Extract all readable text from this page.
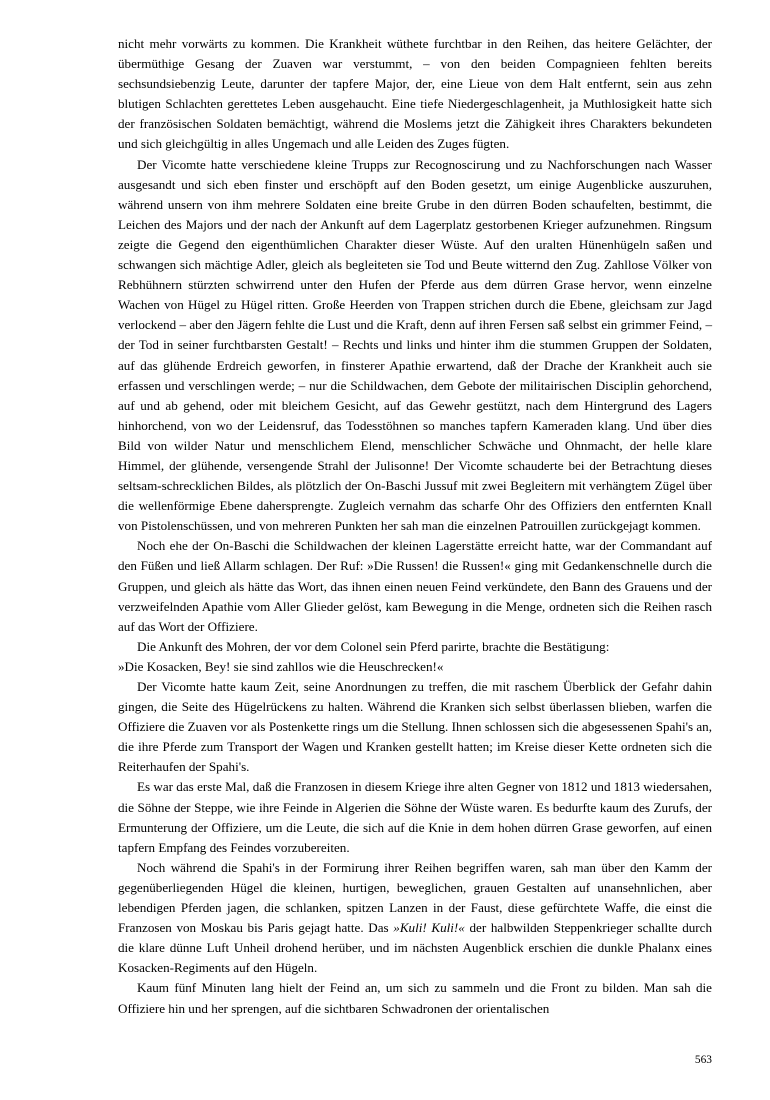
nicht mehr vorwärts zu kommen. Die Krankheit wüthete furchtbar in den Reihen, das heitere Gelächter, der übermüthige Gesang der Zuaven war verstummt, – von den beiden Compagnieen fehlten bereits sechsundsiebenzig Leute, darunter der tapfere Major, der, eine Lieue von dem Halt entfernt, sein aus zehn blutigen Schlachten gerettetes Leben ausgehaucht. Eine tiefe Niedergeschlagenheit, ja Muthlosigkeit hatte sich der französischen Soldaten bemächtigt, während die Moslems jetzt die Zähigkeit ihres Charakters bekundeten und sich gleichgültig in alles Ungemach und alle Leiden des Zuges fügten.

Der Vicomte hatte verschiedene kleine Trupps zur Recognoscirung und zu Nachforschungen nach Wasser ausgesandt und sich eben finster und erschöpft auf den Boden gesetzt, um einige Augenblicke auszuruhen, während unsern von ihm mehrere Soldaten eine breite Grube in den dürren Boden schaufelten, bestimmt, die Leichen des Majors und der nach der Ankunft auf dem Lagerplatz gestorbenen Krieger aufzunehmen. Ringsum zeigte die Gegend den eigenthümlichen Charakter dieser Wüste. Auf den uralten Hünenhügeln saßen und schwangen sich mächtige Adler, gleich als begleiteten sie Tod und Beute witternd den Zug. Zahllose Völker von Rebhühnern stürzten schwirrend unter den Hufen der Pferde aus dem dürren Grase hervor, wenn einzelne Wachen von Hügel zu Hügel ritten. Große Heerden von Trappen strichen durch die Ebene, gleichsam zur Jagd verlockend – aber den Jägern fehlte die Lust und die Kraft, denn auf ihren Fersen saß selbst ein grimmer Feind, – der Tod in seiner furchtbarsten Gestalt! – Rechts und links und hinter ihm die stummen Gruppen der Soldaten, auf das glühende Erdreich geworfen, in finsterer Apathie erwartend, daß der Drache der Krankheit auch sie erfassen und verschlingen werde; – nur die Schildwachen, dem Gebote der militairischen Disciplin gehorchend, auf und ab gehend, oder mit bleichem Gesicht, auf das Gewehr gestützt, nach dem Hintergrund des Lagers hinhorchend, von wo der Leidensruf, das Todesstöhnen so manches tapfern Kameraden klang. Und über dies Bild von wilder Natur und menschlichem Elend, menschlicher Schwäche und Ohnmacht, der helle klare Himmel, der glühende, versengende Strahl der Julisonne! Der Vicomte schauderte bei der Betrachtung dieses seltsam-schrecklichen Bildes, als plötzlich der On-Baschi Jussuf mit zwei Begleitern mit verhängtem Zügel über die wellenförmige Ebene dahersprengte. Zugleich vernahm das scharfe Ohr des Offiziers den entfernten Knall von Pistolenschüssen, und von mehreren Punkten her sah man die einzelnen Patrouillen zurückgejagt kommen.

Noch ehe der On-Baschi die Schildwachen der kleinen Lagerstätte erreicht hatte, war der Commandant auf den Füßen und ließ Allarm schlagen. Der Ruf: »Die Russen! die Russen!« ging mit Gedankenschnelle durch die Gruppen, und gleich als hätte das Wort, das ihnen einen neuen Feind verkündete, den Bann des Grauens und der verzweifelnden Apathie vom Aller Glieder gelöst, kam Bewegung in die Menge, ordneten sich die Reihen rasch auf das Wort der Offiziere.

Die Ankunft des Mohren, der vor dem Colonel sein Pferd parirte, brachte die Bestätigung:

»Die Kosacken, Bey! sie sind zahllos wie die Heuschrecken!«

Der Vicomte hatte kaum Zeit, seine Anordnungen zu treffen, die mit raschem Überblick der Gefahr dahin gingen, die Seite des Hügelrückens zu halten. Während die Kranken sich selbst überlassen blieben, warfen die Offiziere die Zuaven vor als Postenkette rings um die Stellung. Ihnen schlossen sich die abgesessenen Spahi's an, die ihre Pferde zum Transport der Wagen und Kranken gestellt hatten; im Kreise dieser Kette ordneten sich die Reiterhaufen der Spahi's.

Es war das erste Mal, daß die Franzosen in diesem Kriege ihre alten Gegner von 1812 und 1813 wiedersahen, die Söhne der Steppe, wie ihre Feinde in Algerien die Söhne der Wüste waren. Es bedurfte kaum des Zurufs, der Ermunterung der Offiziere, um die Leute, die sich auf die Knie in dem hohen dürren Grase geworfen, auf einen tapfern Empfang des Feindes vorzubereiten.

Noch während die Spahi's in der Formirung ihrer Reihen begriffen waren, sah man über den Kamm der gegenüberliegenden Hügel die kleinen, hurtigen, beweglichen, grauen Gestalten auf unansehnlichen, aber lebendigen Pferden jagen, die schlanken, spitzen Lanzen in der Faust, diese gefürchtete Waffe, die einst die Franzosen von Moskau bis Paris gejagt hatte. Das »Kuli! Kuli!« der halbwilden Steppenkrieger schallte durch die klare dünne Luft Unheil drohend herüber, und im nächsten Augenblick erschien die dunkle Phalanx eines Kosacken-Regiments auf den Hügeln.

Kaum fünf Minuten lang hielt der Feind an, um sich zu sammeln und die Front zu bilden. Man sah die Offiziere hin und her sprengen, auf die sichtbaren Schwadronen der orientalischen

563
